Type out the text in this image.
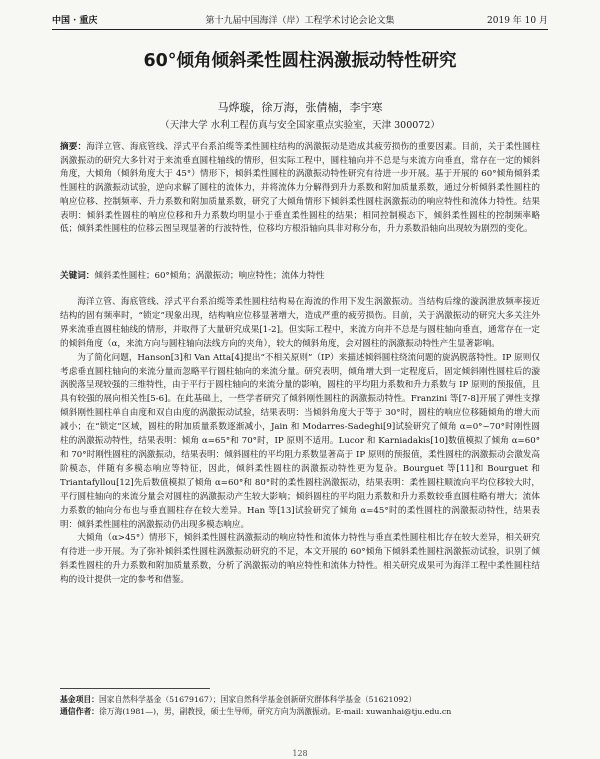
中国 · 重庆	第十九届中国海洋（岸）工程学术讨论会论文集	2019 年 10 月
60°倾角倾斜柔性圆柱涡激振动特性研究
马烨璇，徐万海，张倩楠，李宇寒
（天津大学 水利工程仿真与安全国家重点实验室，天津 300072）
摘要：海洋立管、海底管线、浮式平台系泊缆等柔性圆柱结构的涡激振动是造成其疲劳损伤的重要因素。目前，关于柔性圆柱涡激振动的研究大多针对于来流垂直圆柱轴线的情形，但实际工程中，圆柱轴向并不总是与来流方向垂直，常存在一定的倾斜角度，大倾角（倾斜角度大于 45°）情形下，倾斜柔性圆柱的涡激振动特性研究有待进一步开展。基于开展的 60°倾角倾斜柔性圆柱的涡激振动试验，逆向求解了圆柱的流体力，并将流体力分解得到升力系数和附加质量系数，通过分析倾斜柔性圆柱的响应位移、控制频率、升力系数和附加质量系数，研究了大倾角情形下倾斜柔性圆柱涡激振动的响应特性和流体力特性。结果表明：倾斜柔性圆柱的响应位移和升力系数均明显小于垂直柔性圆柱的结果；相同控制模态下，倾斜柔性圆柱的控制频率略低；倾斜柔性圆柱的位移云图呈现显著的行波特性，位移均方根沿轴向具非对称分布，升力系数沿轴向出现较为剧烈的变化。
关键词：倾斜柔性圆柱；60°倾角；涡激振动；响应特性；流体力特性

海洋立管、海底管线、浮式平台系泊缆等柔性圆柱结构易在海流的作用下发生涡激振动。当结构后缘的漩涡泄放频率接近结构的固有频率时，“锁定”现象出现，结构响应位移显著增大，造成严重的疲劳损伤。目前，关于涡激振动的研究大多关注外界来流垂直圆柱轴线的情形，并取得了大量研究成果[1-2]。但实际工程中，来流方向并不总是与圆柱轴向垂直，通常存在一定的倾斜角度（α，来流方向与圆柱轴向法线方向的夹角），较大的倾斜角度，会对圆柱的涡激振动特性产生显著影响。

为了简化问题，Hanson[3]和 Van Atta[4]提出“不相关原则”（IP）来描述倾斜圆柱绕流问题的旋涡脱落特性。IP 原则仅考虑垂直圆柱轴向的来流分量而忽略平行圆柱轴向的来流分量。研究表明，倾角增大到一定程度后，固定倾斜刚性圆柱后的漩涡脱落呈现较强的三维特性，由于平行于圆柱轴向的来流分量的影响，圆柱的平均阻力系数和升力系数与 IP 原则的预报值，且具有较强的展向相关性[5-6]。在此基础上，一些学者研究了倾斜刚性圆柱的涡激振动特性。Franzini 等[7-8]开展了弹性支撑倾斜刚性圆柱单自由度和双自由度的涡激振动试验，结果表明：当倾斜角度大于等于 30°时，圆柱的响应位移随倾角的增大而减小；在“锁定”区域，圆柱的附加质量系数逐渐减小，Jain 和 Modarres-Sadeghi[9]试验研究了倾角 α=0°~70°时刚性圆柱的涡激振动特性，结果表明：倾角 α=65°和 70°时，IP 原则不适用。Lucor 和 Karniadakis[10]数值模拟了倾角 α=60°和 70°时刚性圆柱的涡激振动，结果表明：倾斜圆柱的平均阻力系数显著高于 IP 原则的预报值，柔性圆柱的涡激振动会激发高阶模态，伴随有多模态响应等特征，因此，倾斜柔性圆柱的涡激振动特性更为复杂。Bourguet 等[11]和 Bourguet 和 Triantafyllou[12]先后数值模拟了倾角 α=60°和 80°时的柔性圆柱涡激振动，结果表明：柔性圆柱顺流向平均位移较大时，平行圆柱轴向的来流分量会对圆柱的涡激振动产生较大影响；倾斜圆柱的平均阻力系数和升力系数较垂直圆柱略有增大；流体力系数的轴向分布也与垂直圆柱存在较大差异。Han 等[13]试验研究了倾角 α=45°时的柔性圆柱的涡激振动特性，结果表明：倾斜柔性圆柱的涡激振动仍出现多模态响应。

大倾角（α>45°）情形下，倾斜柔性圆柱涡激振动的响应特性和流体力特性与垂直柔性圆柱相比存在较大差异，相关研究有待进一步开展。为了弥补倾斜柔性圆柱涡激振动研究的不足，本文开展的 60°倾角下倾斜柔性圆柱涡激振动试验，识别了倾斜柔性圆柱的升力系数和附加质量系数，分析了涡激振动的响应特性和流体力特性。相关研究成果可为海洋工程中柔性圆柱结构的设计提供一定的参考和借鉴。

基金项目：国家自然科学基金（51679167）；国家自然科学基金创新研究群体科学基金（51621092）
通信作者：徐万海(1981—)，男，副教授，硕士生导师，研究方向为涡激振动。E-mail: xuwanhai@tju.edu.cn
128
